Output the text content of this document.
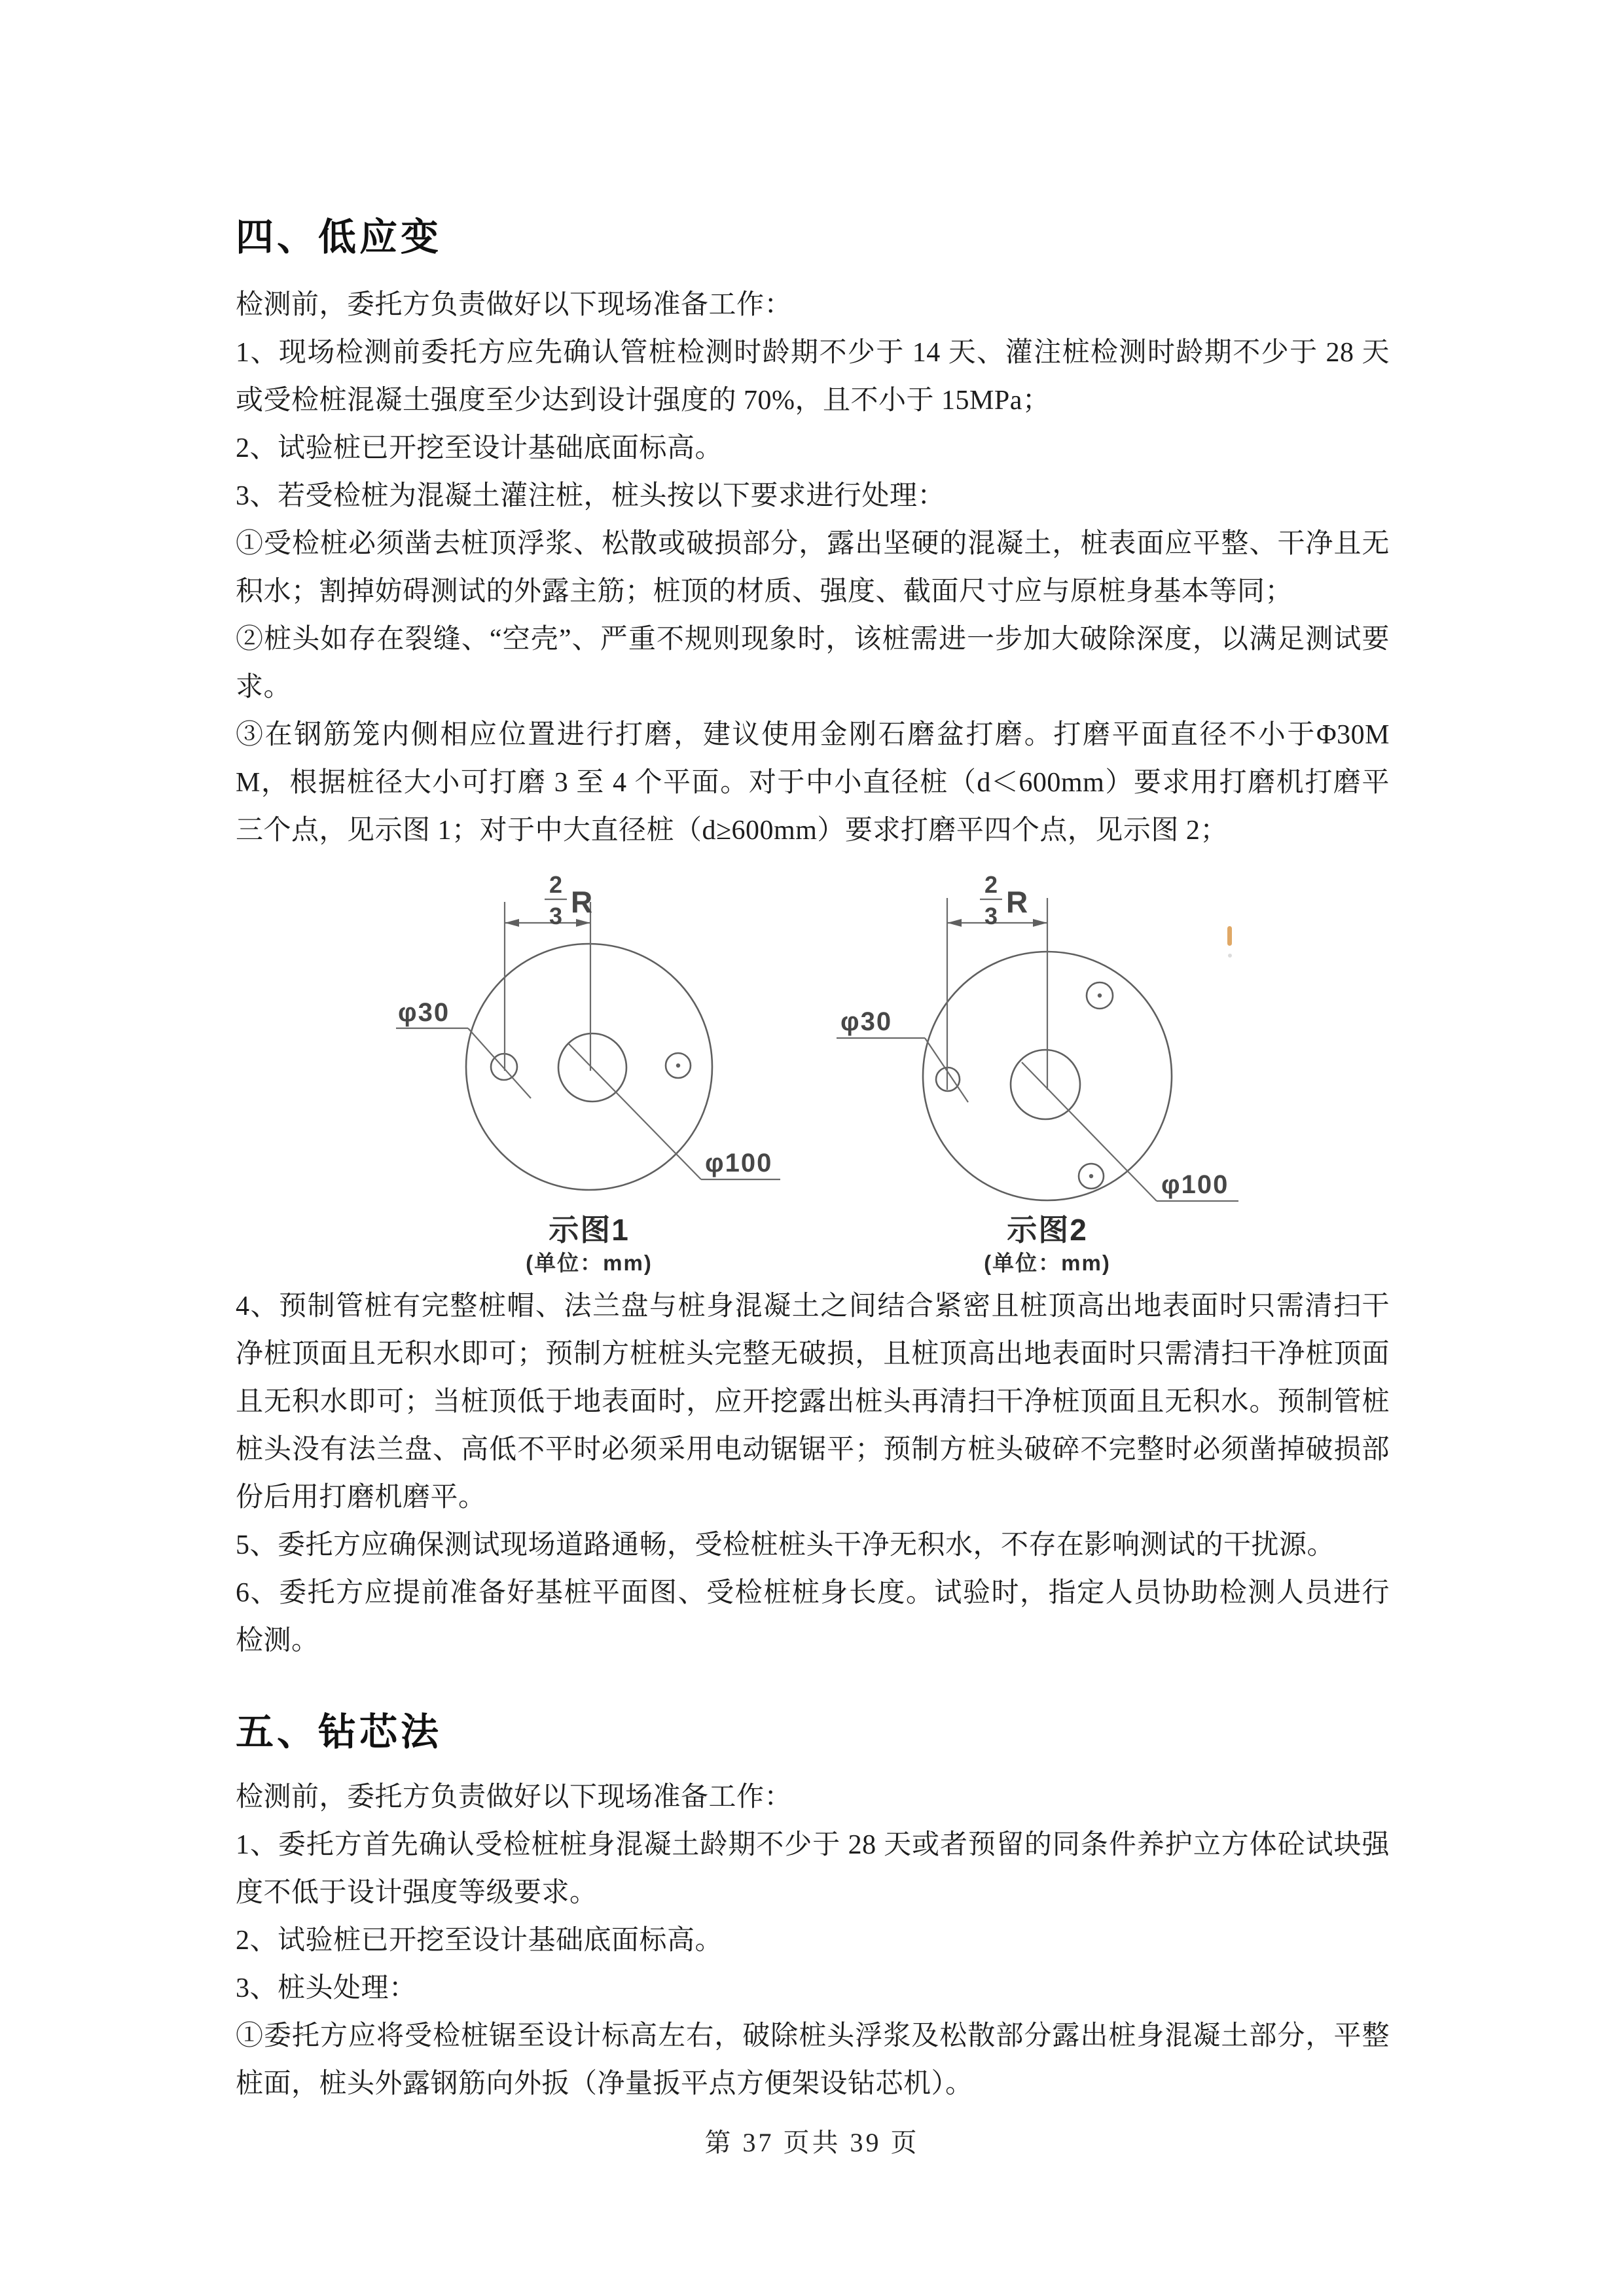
四、低应变

检测前，委托方负责做好以下现场准备工作：

1、现场检测前委托方应先确认管桩检测时龄期不少于 14 天、灌注桩检测时龄期不少于 28 天或受检桩混凝土强度至少达到设计强度的 70%，且不小于 15MPa；

2、试验桩已开挖至设计基础底面标高。

3、若受检桩为混凝土灌注桩，桩头按以下要求进行处理：

①受检桩必须凿去桩顶浮浆、松散或破损部分，露出坚硬的混凝土，桩表面应平整、干净且无积水；割掉妨碍测试的外露主筋；桩顶的材质、强度、截面尺寸应与原桩身基本等同；

②桩头如存在裂缝、“空壳”、严重不规则现象时，该桩需进一步加大破除深度，以满足测试要求。

③在钢筋笼内侧相应位置进行打磨，建议使用金刚石磨盆打磨。打磨平面直径不小于Φ30MM，根据桩径大小可打磨 3 至 4 个平面。对于中小直径桩（d＜600mm）要求用打磨机打磨平三个点，见示图 1；对于中大直径桩（d≥600mm）要求打磨平四个点，见示图 2；

2
3 R
φ30
φ100
示图1
(单位：mm)
2
3 R
φ30
φ100
示图2
(单位：mm)

4、预制管桩有完整桩帽、法兰盘与桩身混凝土之间结合紧密且桩顶高出地表面时只需清扫干净桩顶面且无积水即可；预制方桩桩头完整无破损，且桩顶高出地表面时只需清扫干净桩顶面且无积水即可；当桩顶低于地表面时，应开挖露出桩头再清扫干净桩顶面且无积水。预制管桩桩头没有法兰盘、高低不平时必须采用电动锯锯平；预制方桩头破碎不完整时必须凿掉破损部份后用打磨机磨平。

5、委托方应确保测试现场道路通畅，受检桩桩头干净无积水，不存在影响测试的干扰源。

6、委托方应提前准备好基桩平面图、受检桩桩身长度。试验时，指定人员协助检测人员进行检测。

五、钻芯法

检测前，委托方负责做好以下现场准备工作：

1、委托方首先确认受检桩桩身混凝土龄期不少于 28 天或者预留的同条件养护立方体砼试块强度不低于设计强度等级要求。

2、试验桩已开挖至设计基础底面标高。

3、桩头处理：

①委托方应将受检桩锯至设计标高左右，破除桩头浮浆及松散部分露出桩身混凝土部分，平整桩面，桩头外露钢筋向外扳（净量扳平点方便架设钻芯机）。

第 37 页共 39 页
